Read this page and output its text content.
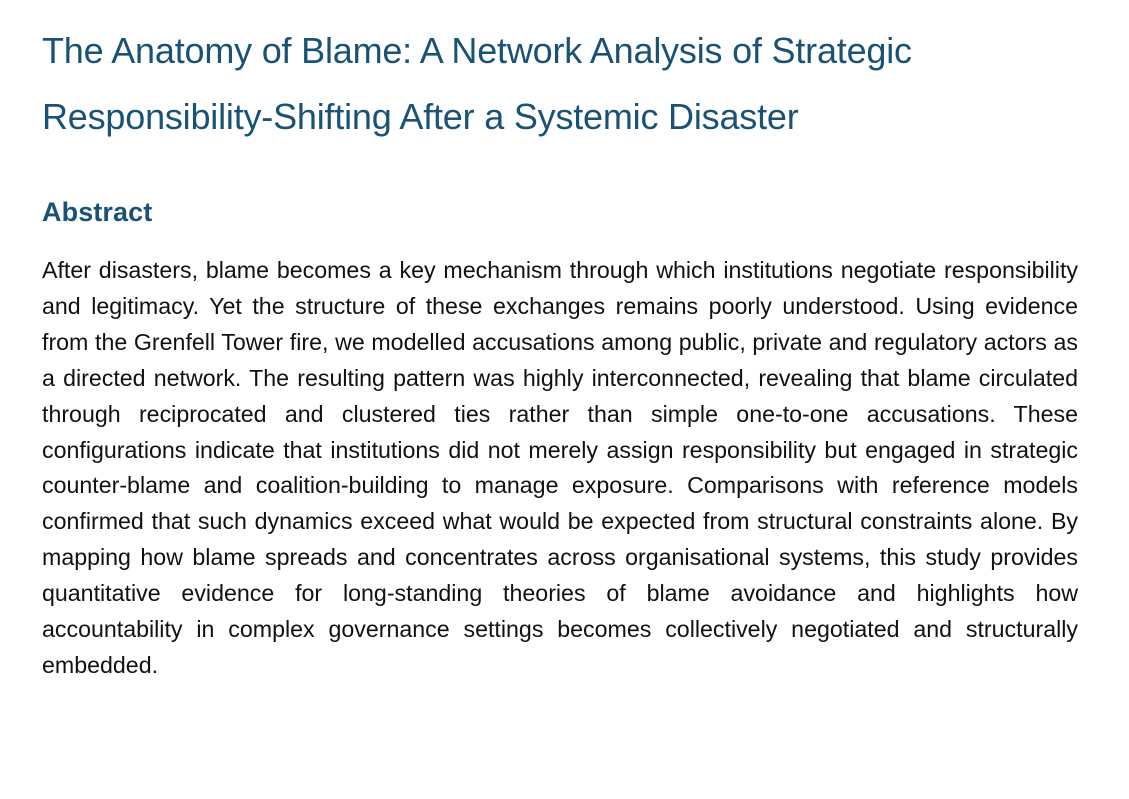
The Anatomy of Blame: A Network Analysis of Strategic
Responsibility-Shifting After a Systemic Disaster
Abstract

After disasters, blame becomes a key mechanism through which institutions negotiate responsibility and legitimacy. Yet the structure of these exchanges remains poorly understood. Using evidence from the Grenfell Tower fire, we modelled accusations among public, private and regulatory actors as a directed network. The resulting pattern was highly interconnected, revealing that blame circulated through reciprocated and clustered ties rather than simple one-to-one accusations. These configurations indicate that institutions did not merely assign responsibility but engaged in strategic counter-blame and coalition-building to manage exposure. Comparisons with reference models confirmed that such dynamics exceed what would be expected from structural constraints alone. By mapping how blame spreads and concentrates across organisational systems, this study provides quantitative evidence for long-standing theories of blame avoidance and highlights how accountability in complex governance settings becomes collectively negotiated and structurally embedded.
